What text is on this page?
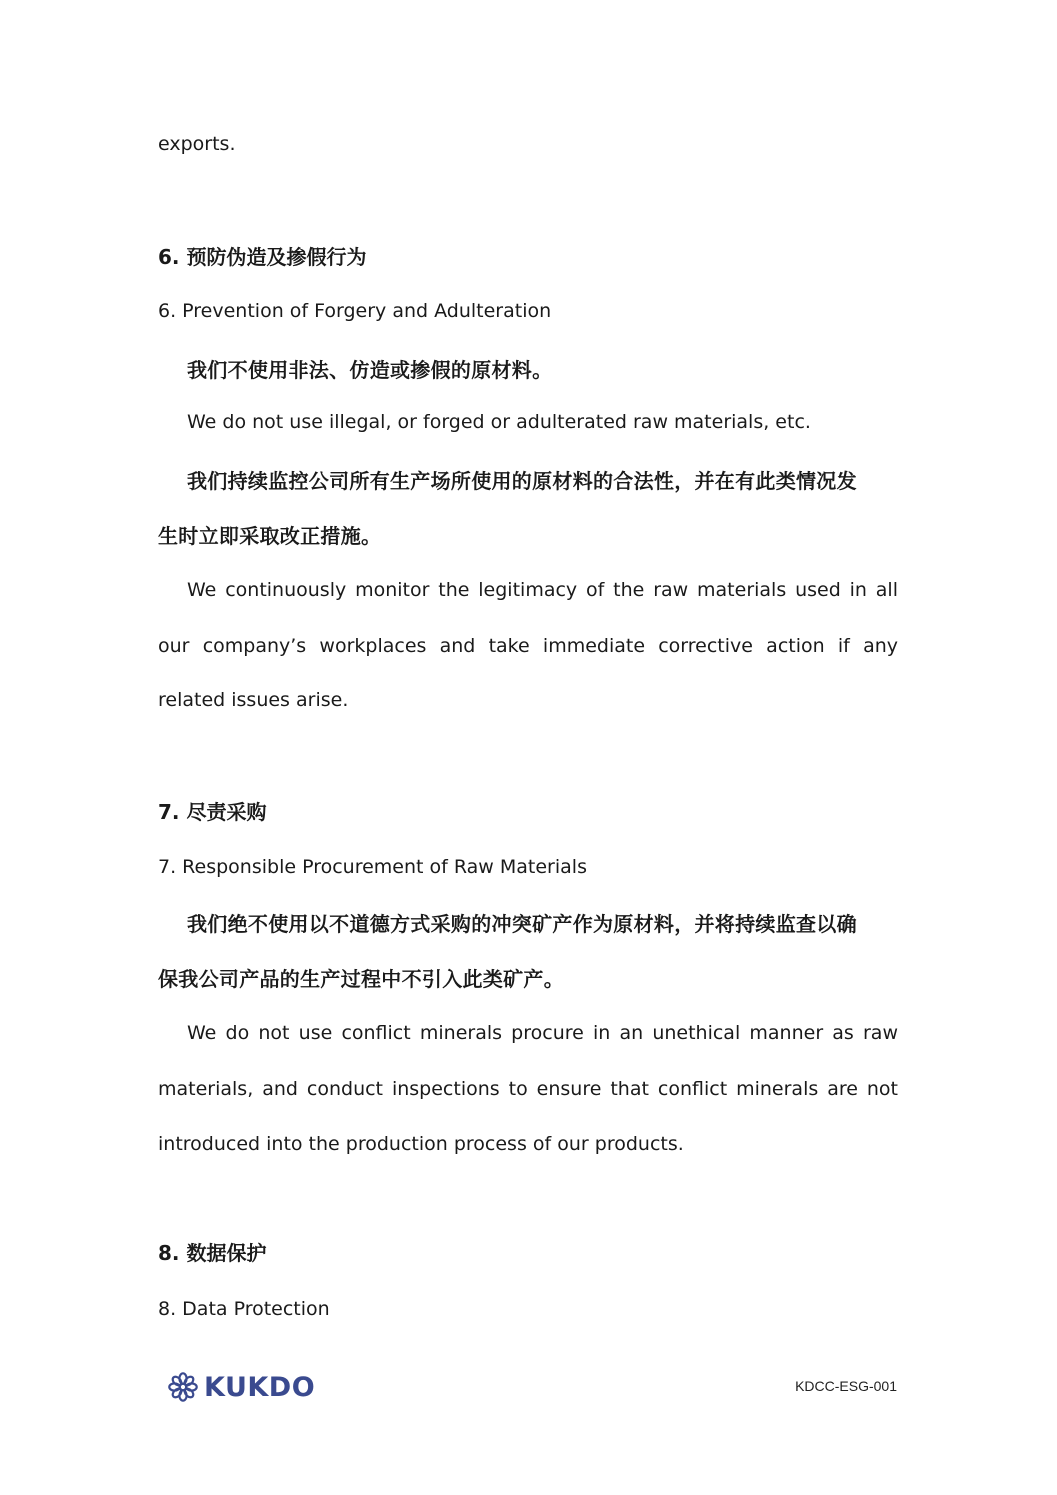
exports.
6. 预防伪造及掺假行为
6. Prevention of Forgery and Adulteration
我们不使用非法、仿造或掺假的原材料。
We do not use illegal, or forged or adulterated raw materials, etc.
我们持续监控公司所有生产场所使用的原材料的合法性，并在有此类情况发
生时立即采取改正措施。
We continuously monitor the legitimacy of the raw materials used in all
our company’s workplaces and take immediate corrective action if any
related issues arise.
7. 尽责采购
7. Responsible Procurement of Raw Materials
我们绝不使用以不道德方式采购的冲突矿产作为原材料，并将持续监查以确
保我公司产品的生产过程中不引入此类矿产。
We do not use conflict minerals procure in an unethical manner as raw
materials, and conduct inspections to ensure that conflict minerals are not
introduced into the production process of our products.
8. 数据保护
8. Data Protection
KUKDO	KDCC-ESG-001
